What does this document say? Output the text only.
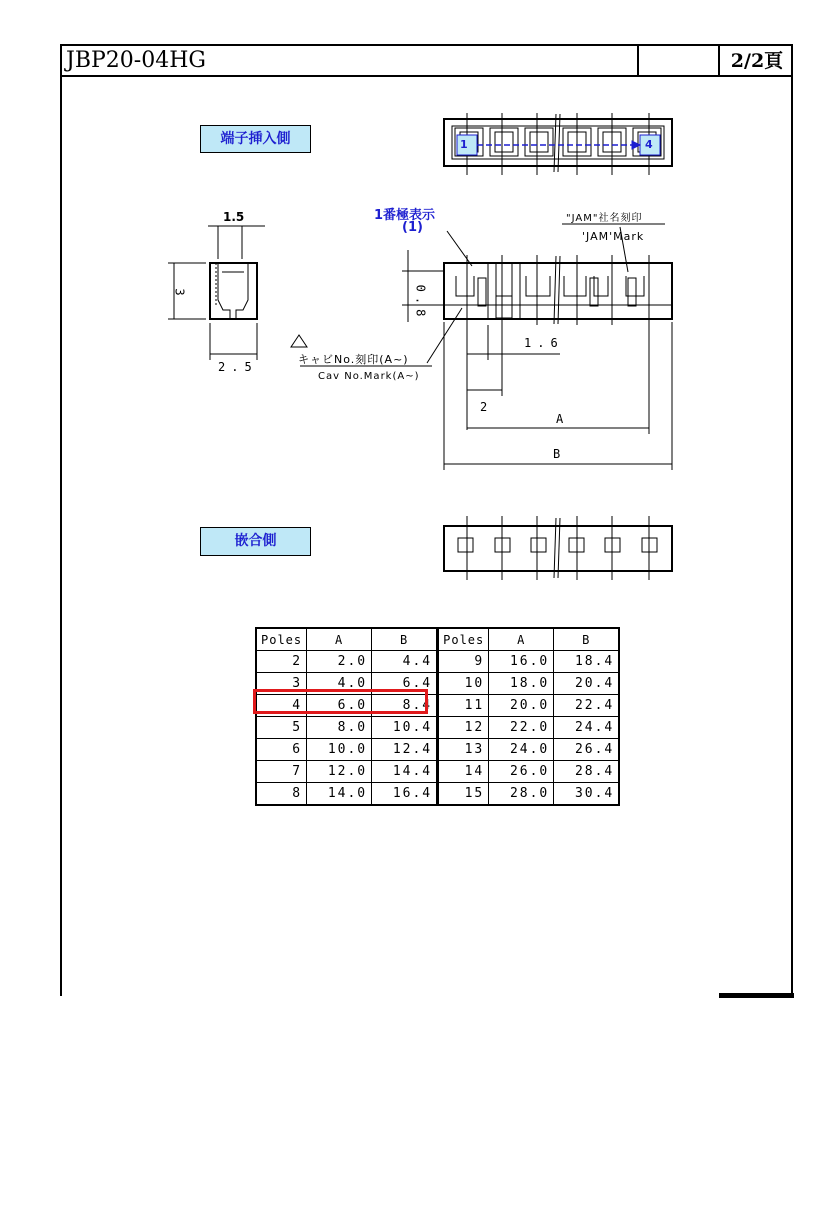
JBP20-04HG	2/2頁
端子挿入側
嵌合側
1	4
1番極表示
(1)
"JAM"社名刻印
'JAM'Mark
キャビNo.刻印(A~)
Cav No.Mark(A~)
1.5
3
2.5
0.8
1.6
2
A
B
Poles	A	B	Poles	A	B
2	2.0	4.4	9	16.0	18.4
3	4.0	6.4	10	18.0	20.4
4	6.0	8.4	11	20.0	22.4
5	8.0	10.4	12	22.0	24.4
6	10.0	12.4	13	24.0	26.4
7	12.0	14.4	14	26.0	28.4
8	14.0	16.4	15	28.0	30.4
